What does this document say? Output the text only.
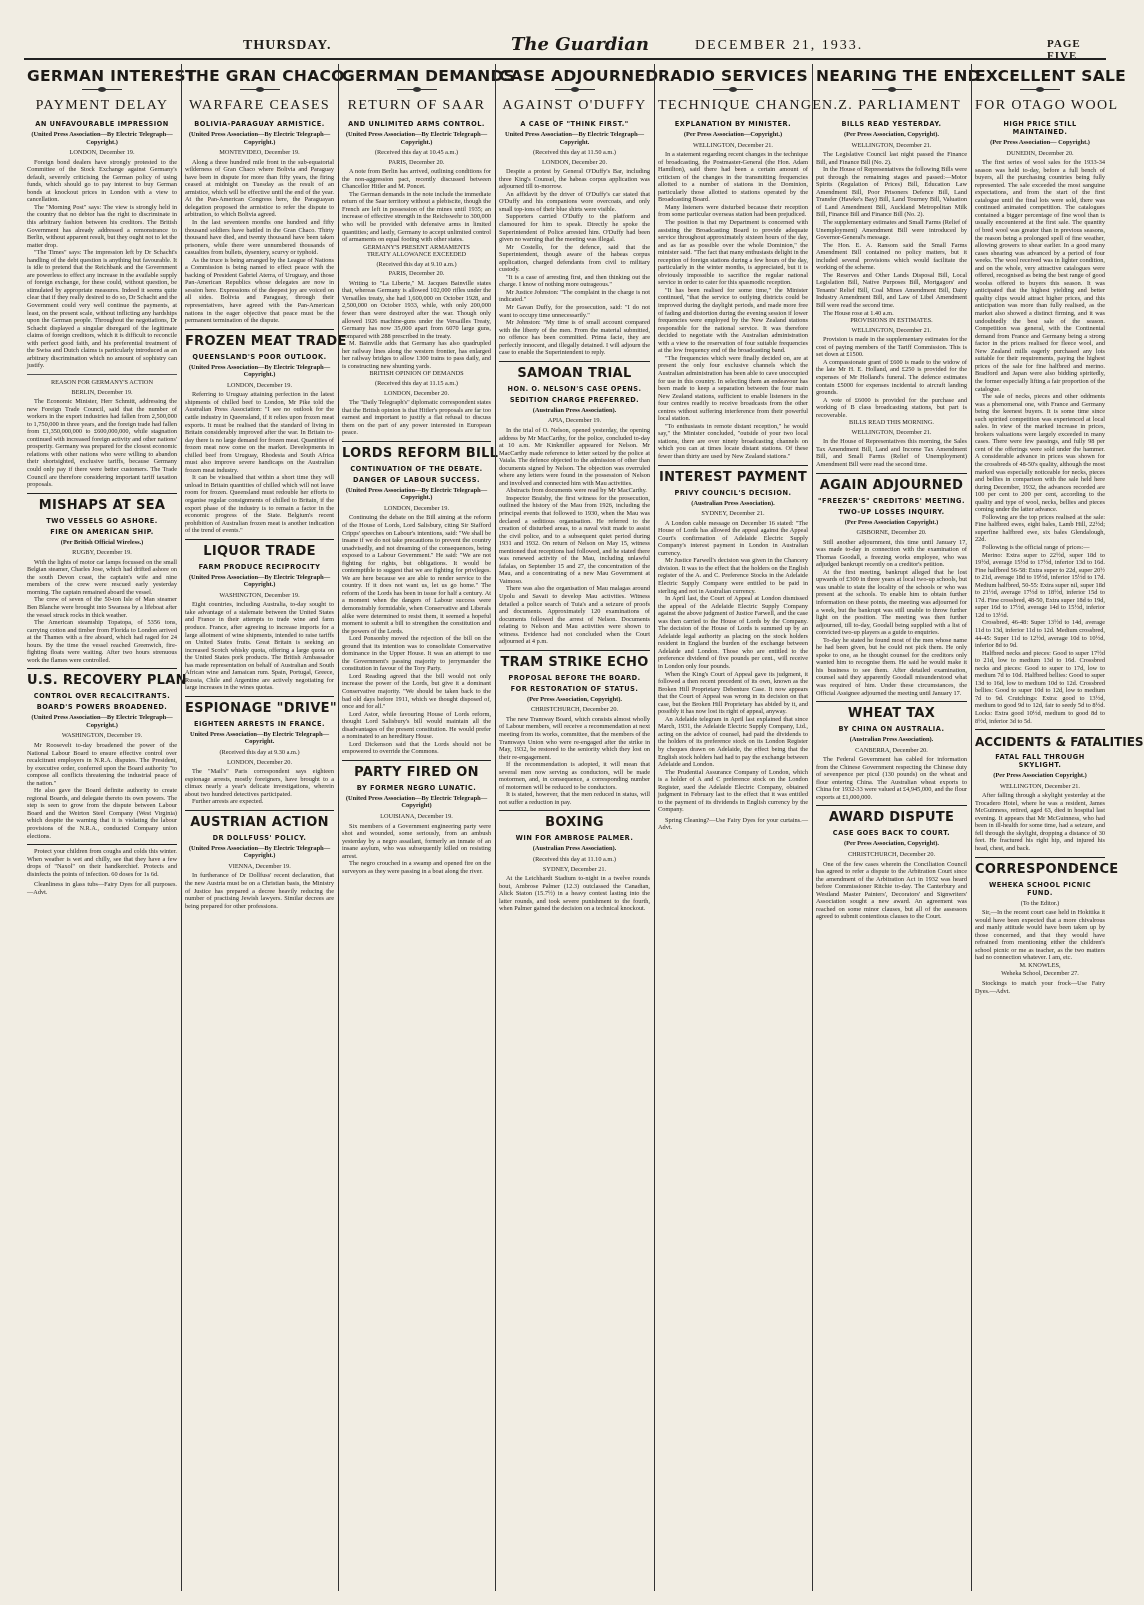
THURSDAY.	The Guardian	DECEMBER 21, 1933.	PAGE FIVE
GERMAN INTEREST
PAYMENT DELAY
AN UNFAVOURABLE IMPRESSION
(United Press Association—By Electric Telegraph—Copyright.)
LONDON, December 19.

Foreign bond dealers have strongly protested to the Committee of the Stock Exchange against Germany's default, severely criticising the German policy of using funds, which should go to pay interest to buy German bonds at knockout prices in London with a view to cancellation.

The "Morning Post" says: The view is strongly held in the country that no debtor has the right to discriminate in this arbitrary fashion between his creditors. The British Government has already addressed a remonstrance to Berlin, without apparent result, but they ought not to let the matter drop.

"The Times" says: The impression left by Dr Schacht's handling of the debt question is anything but favourable. It is idle to pretend that the Reichbank and the Government are powerless to effect any increase in the available supply of foreign exchange, for these could, without question, be stimulated by appropriate measures. Indeed it seems quite clear that if they really desired to do so, Dr Schacht and the Government could very well continue the payments, at least, on the present scale, without inflicting any hardships upon the German people. Throughout the negotiations, Dr Schacht displayed a singular disregard of the legitimate claims of foreign creditors, which it is difficult to reconcile with perfect good faith, and his preferential treatment of the Swiss and Dutch claims is particularly introduced as an arbitrary discrimination which no amount of sophistry can justify.

REASON FOR GERMANY'S ACTION

BERLIN, December 19.

The Economic Minister, Herr Schmitt, addressing the new Foreign Trade Council, said that the number of workers in the export industries had fallen from 2,500,000 to 1,750,000 in three years, and the foreign trade had fallen from £1,350,000,000 to £600,000,000, while stagnation continued with increased foreign activity and other nations' prosperity. Germany was prepared for the closest economic relations with other nations who were willing to abandon their shortsighted, exclusive tariffs, because Germany could only pay if there were better customers. The Trade Council are therefore considering important tariff taxation proposals.

MISHAPS AT SEA
TWO VESSELS GO ASHORE.
FIRE ON AMERICAN SHIP.
(Per British Official Wireless.)
RUGBY, December 19.

With the lights of motor car lamps focussed on the small Belgian steamer, Charles Jose, which had drifted ashore on the south Devon coast, the captain's wife and nine members of the crew were rescued early yesterday morning. The captain remained aboard the vessel.

The crew of seven of the 50-ton Isle of Man steamer Ben Blanche were brought into Swansea by a lifeboat after the vessel struck rocks in thick weather.

The American steamship Topatopa, of 5356 tons, carrying cotton and timber from Florida to London arrived at the Thames with a fire aboard, which had raged for 24 hours. By the time the vessel reached Greenwich, fire-fighting floats were waiting. After two hours strenuous work the flames were controlled.

U.S. RECOVERY PLAN
CONTROL OVER RECALCITRANTS.
BOARD'S POWERS BROADENED.
(United Press Association—By Electric Telegraph—Copyright.)
WASHINGTON, December 19.

Mr Roosevelt to-day broadened the power of the National Labour Board to ensure effective control over recalcitrant employers in N.R.A. disputes. The President, by executive order, conferred upon the Board authority "to compose all conflicts threatening the industrial peace of the nation."

He also gave the Board definite authority to create regional Boards, and delegate thereto its own powers. The step is seen to grow from the dispute between Labour Board and the Weirton Steel Company (West Virginia) which despite the warning that it is violating the labour provisions of the N.R.A., conducted Company union elections.

Protect your children from coughs and colds this winter. When weather is wet and chilly, see that they have a few drops of "Naxol" on their handkerchief. Protects and disinfects the points of infection. 60 doses for 1s 6d.

Cleanliness in glass tubs—Fairy Dyes for all purposes.—Advt.

THE GRAN CHACO
WARFARE CEASES
BOLIVIA-PARAGUAY ARMISTICE.
(United Press Association—By Electric Telegraph—Copyright.)
MONTEVIDEO, December 19.

Along a three hundred mile front in the sub-equatorial wilderness of Gran Chaco where Bolivia and Paraguay have been in dispute for more than fifty years, the firing ceased at midnight on Tuesday as the result of an armistice, which will be effective until the end of the year. At the Pan-American Congress here, the Paraguayan delegation proposed the armistice to refer the dispute to arbitration, to which Bolivia agreed.

In the last seventeen months one hundred and fifty thousand soldiers have battled in the Gran Chaco. Thirty thousand have died, and twenty thousand have been taken prisoners, while there were unnumbered thousands of casualties from bullets, dysentery, scurvy or typhoid.

As the truce is being arranged by the League of Nations a Commission is being named to effect peace with the backing of President Gabriel Aterra, of Uruguay, and those Pan-American Republics whose delegates are now in session here. Expressions of the deepest joy are voiced on all sides. Bolivia and Paraguay, through their representatives, have agreed with the Pan-American nations in the eager objective that peace must be the permanent termination of the dispute.

FROZEN MEAT TRADE
QUEENSLAND'S POOR OUTLOOK.
(United Press Association—By Electric Telegraph—Copyright.)
LONDON, December 19.

Referring to Uruguay attaining perfection in the latest shipments of chilled beef to London, Mr Pike told the Australian Press Association: "I see no outlook for the cattle industry in Queensland, if it relies upon frozen meat exports. It must be realised that the standard of living in Britain considerably improved after the war. In Britain to-day there is no large demand for frozen meat. Quantities of frozen meat now come on the market. Developments in chilled beef from Uruguay, Rhodesia and South Africa must also improve severe handicaps on the Australian frozen meat industry.

It can be visualised that within a short time they will unload in Britain quantities of chilled which will not leave room for frozen. Queensland must redouble her efforts to organise regular consignments of chilled to Britain, if the export phase of the industry is to remain a factor in the economic progress of the State. Belgium's recent prohibition of Australian frozen meat is another indication of the trend of events."

LIQUOR TRADE
FARM PRODUCE RECIPROCITY
(United Press Association—By Electric Telegraph—Copyright.)
WASHINGTON, December 19.

Eight countries, including Australia, to-day sought to take advantage of a stalemate between the United States and France in their attempts to trade wine and farm produce. France, after agreeing to increase imports for a large allotment of wine shipments, intended to raise tariffs on United States fruits. Great Britain is seeking an increased Scotch whisky quota, offering a large quota on the United States pork products. The British Ambassador has made representation on behalf of Australian and South African wine and Jamaican rum. Spain, Portugal, Greece, Russia, Chile and Argentine are actively negotiating for large increases in the wines quotas.

ESPIONAGE "DRIVE"
EIGHTEEN ARRESTS IN FRANCE.
United Press Association—By Electric Telegraph—Copyright.
(Received this day at 9.30 a.m.)
LONDON, December 20.

The "Mail's" Paris correspondent says eighteen espionage arrests, mostly foreigners, have brought to a climax nearly a year's delicate investigations, wherein about two hundred detectives participated.

Further arrests are expected.

AUSTRIAN ACTION
DR DOLLFUSS' POLICY.
(United Press Association—By Electric Telegraph—Copyright.)
VIENNA, December 19.

In furtherance of Dr Dollfuss' recent declaration, that the new Austria must be on a Christian basis, the Ministry of Justice has prepared a decree heavily reducing the number of practising Jewish lawyers. Similar decrees are being prepared for other professions.

GERMAN DEMANDS
RETURN OF SAAR
AND UNLIMITED ARMS CONTROL.
(United Press Association—By Electric Telegraph—Copyright.)
(Received this day at 10.45 a.m.)
PARIS, December 20.

A note from Berlin has arrived, outlining conditions for the non-aggression pact, recently discussed between Chancellor Hitler and M. Poncet.

The German demands in the note include the immediate return of the Saar territory without a plebiscite, though the French are left in possession of the mines until 1935; an increase of effective strength in the Reichswehr to 300,000 who will be provided with defensive arms in limited quantities; and lastly, Germany to accept unlimited control of armaments on equal footing with other states.

GERMANY'S PRESENT ARMAMENTS

TREATY ALLOWANCE EXCEEDED

(Received this day at 9.10 a.m.)
PARIS, December 20.

Writing to "La Liberte," M. Jacques Bainville states that, whereas Germany is allowed 102,000 rifles under the Versailles treaty, she had 1,600,000 on October 1928, and 2,500,000 on October 1933, while, with only 200,000 fewer than were destroyed after the war. Though only allowed 1926 machine-guns under the Versailles Treaty, Germany has now 35,000 apart from 6070 large guns, compared with 288 prescribed in the treaty.

M. Bainville adds that Germany has also quadrupled her railway lines along the western frontier, has enlarged her railway bridges to allow 1300 trains to pass daily, and is constructing new shunting yards.

BRITISH OPINION OF DEMANDS

(Received this day at 11.15 a.m.)
LONDON, December 20.

The "Daily Telegraph's" diplomatic correspondent states that the British opinion is that Hitler's proposals are far too earnest and important to justify a flat refusal to discuss them on the part of any power interested in European peace.

LORDS REFORM BILL
CONTINUATION OF THE DEBATE.
DANGER OF LABOUR SUCCESS.
(United Press Association—By Electric Telegraph—Copyright.)
LONDON, December 19.

Continuing the debate on the Bill aiming at the reform of the House of Lords, Lord Salisbury, citing Sir Stafford Cripps' speeches on Labour's intentions, said: "We shall be insane if we do not take precautions to prevent the country unadvisedly, and not dreaming of the consequences, being exposed to a Labour Government." He said: "We are not fighting for rights, but obligations. It would be contemptible to suggest that we are fighting for privileges. We are here because we are able to render service to the country. If it does not want us, let us go home." The reform of the Lords has been in issue for half a century. At a moment when the dangers of Labour success were demonstrably formidable, when Conservative and Liberals alike were determined to resist them, it seemed a hopeful moment to submit a bill to strengthen the constitution and the powers of the Lords.

Lord Ponsonby moved the rejection of the bill on the ground that its intention was to consolidate Conservative dominance in the Upper House. It was an attempt to use the Government's passing majority to jerrymander the constitution in favour of the Tory Party.

Lord Reading agreed that the bill would not only increase the power of the Lords, but give it a dominant Conservative majority. "We should be taken back to the bad old days before 1911, which we thought disposed of, once and for all."

Lord Astor, while favouring House of Lords reform, thought Lord Salisbury's bill would maintain all the disadvantages of the present constitution. He would prefer a nominated to an hereditary House.

Lord Dickenson said that the Lords should not be empowered to override the Commons.

PARTY FIRED ON
BY FORMER NEGRO LUNATIC.
(United Press Association—By Electric Telegraph—Copyright)
LOUISIANA, December 19.

Six members of a Government engineering party were shot and wounded, some seriously, from an ambush yesterday by a negro assailant, formerly an inmate of an insane asylum, who was subsequently killed on resisting arrest.

The negro crouched in a swamp and opened fire on the surveyors as they were passing in a boat along the river.

CASE ADJOURNED
AGAINST O'DUFFY
A CASE OF "THINK FIRST."
United Press Association—By Electric Telegraph—Copyright.
(Received this day at 11.50 a.m.)
LONDON, December 20.

Despite a protest by General O'Duffy's Bar, including three King's Counsel, the habeas corpus application was adjourned till to-morrow.

An affidavit by the driver of O'Duffy's car stated that O'Duffy and his companions wore overcoats, and only small top-ions of their blue shirts were visible.

Supporters carried O'Duffy to the platform and clamoured for him to speak. Directly he spoke the Superintendent of Police arrested him. O'Duffy had been given no warning that the meeting was illegal.

Mr Costello, for the defence, said that the Superintendent, though aware of the habeas corpus application, charged defendants from civil to military custody.

"It is a case of arresting first, and then thinking out the charge. I know of nothing more outrageous."

Mr Justice Johnston: "The complaint in the charge is not indicated."

Mr Gavan Duffy, for the prosecution, said: "I do not want to occupy time unnecessarily."

Mr Johnston: "My time is of small account compared with the liberty of the men. From the material submitted, no offence has been committed. Prima facie, they are perfectly innocent, and illegally detained. I will adjourn the case to enable the Superintendent to reply.

SAMOAN TRIAL
HON. O. NELSON'S CASE OPENS.
SEDITION CHARGE PREFERRED.
(Australian Press Association).
APIA, December 19.

In the trial of O. Nelson, opened yesterday, the opening address by Mr MacCarthy, for the police, concluded to-day at 10 a.m. Mr Kinkmiller appeared for Nelson. Mr MacCarthy made reference to letter seized by the police at Vaiala. The defence objected to the admission of other than documents signed by Nelson. The objection was overruled where any letters were found in the possession of Nelson and involved and connected him with Mau activities.

Abstracts from documents were read by Mr MacCarthy.

Inspector Braisby, the first witness for the prosecution, outlined the history of the Mau from 1926, including the principal events that followed to 1930, when the Mau was declared a seditious organisation. He referred to the creation of disturbed areas, to a naval visit made to assist the civil police, and to a subsequent quiet period during 1931 and 1932. On return of Nelson on May 15, witness mentioned that receptions had followed, and he stated there was renewed activity of the Mau, including unlawful fafalas, on September 15 and 27, the concentration of the Mau, and a concentrating of a new Mau Government at Vaimoso.

There was also the organisation of Mau malagas around Upolu and Savaii to develop Mau activities. Witness detailed a police search of Tuia's and a seizure of proofs and documents. Approximately 120 examinations of documents followed the arrest of Nelson. Documents relating to Nelson and Mau activities were shown to witness. Evidence had not concluded when the Court adjourned at 4 p.m.

TRAM STRIKE ECHO
PROPOSAL BEFORE THE BOARD.
FOR RESTORATION OF STATUS.
(Per Press Association, Copyright).
CHRISTCHURCH, December 20.

The new Tramway Board, which consists almost wholly of Labour members, will receive a recommendation at next meeting from its works, committee, that the members of the Tramways Union who were re-engaged after the strike in May, 1932, be restored to the seniority which they lost on their re-engagement.

If the recommendation is adopted, it will mean that several men now serving as conductors, will be made motormen, and, in consequence, a corresponding number of motormen will be reduced to be conductors.

It is stated, however, that the men reduced in status, will not suffer a reduction in pay.

BOXING
WIN FOR AMBROSE PALMER.
(Australian Press Association).
(Received this day at 11.10 a.m.)
SYDNEY, December 21.

At the Leichhardt Stadium to-night in a twelve rounds bout, Ambrose Palmer (12.3) outclassed the Canadian, Alick Staton (15.7½) in a heavy contest lasting into the latter rounds, and took severe punishment to the fourth, when Palmer gained the decision on a technical knockout.

RADIO SERVICES
TECHNIQUE CHANGE
EXPLANATION BY MINISTER.
(Per Press Association—Copyright.)
WELLINGTON, December 21.

In a statement regarding recent changes in the technique of broadcasting, the Postmaster-General (the Hon. Adam Hamilton), said there had been a certain amount of criticism of the changes in the transmitting frequencies allotted to a number of stations in the Dominion, particularly those allotted to stations operated by the Broadcasting Board.

Many listeners were disturbed because their reception from some particular overseas station had been prejudiced.

The position is that my Department is concerned with assisting the Broadcasting Board to provide adequate service throughout approximately sixteen hours of the day, and as far as possible over the whole Dominion," the minister said. "The fact that many enthusiasts delight in the reception of foreign stations during a few hours of the day, particularly in the winter months, is appreciated, but it is obviously impossible to sacrifice the regular national service in order to cater for this spasmodic reception.

"It has been realised for some time," the Minister continued, "that the service to outlying districts could be improved during the daylight periods, and made more free of fading and distortion during the evening session if lower frequencies were employed by the New Zealand stations responsible for the national service. It was therefore decided to negotiate with the Australian administration with a view to the reservation of four suitable frequencies at the low frequency end of the broadcasting band.

"The frequencies which were finally decided on, are at present the only four exclusive channels which the Australian administration has been able to cave unoccupied for use in this country. In selecting them an endeavour has been made to keep a separation between the four main New Zealand stations, sufficient to enable listeners in the four centres readily to receive broadcasts from the other centres without suffering interference from their powerful local station.

"To enthusiasts in remote distant reception," he would say," the Minister concluded, "outside of your two local stations, there are over ninety broadcasting channels on which you can at times locate distant stations. Of these fewer than thirty are used by New Zealand stations."

INTEREST PAYMENT
PRIVY COUNCIL'S DECISION.
(Australian Press Association).
SYDNEY, December 21.

A London cable message on December 16 stated: "The House of Lords has allowed the appeal against the Appeal Court's confirmation of Adelaide Electric Supply Company's interest payment in London in Australian currency.

Mr Justice Farwell's decision was given in the Chancery division. It was to the effect that the holders on the English register of the A. and C. Preference Stocks in the Adelaide Electric Supply Company were entitled to be paid in sterling and not in Australian currency.

In April last, the Court of Appeal at London dismissed the appeal of the Adelaide Electric Supply Company against the above judgment of Justice Farwell, and the case was then carried to the House of Lords by the Company. The decision of the House of Lords is summed up by an Adelaide legal authority as placing on the stock holders resident in England the burden of the exchange between Adelaide and London. Those who are entitled to the preference dividend of five pounds per cent., will receive in London only four pounds.

When the King's Court of Appeal gave its judgment, it followed a then recent precedent of its own, known as the Broken Hill Proprietary Debenture Case. It now appears that the Court of Appeal was wrong in its decision on that case, but the Broken Hill Proprietary has abided by it, and possibly it has now lost its right of appeal, anyway.

An Adelaide telegram in April last explained that since March, 1931, the Adelaide Electric Supply Company, Ltd., acting on the advice of counsel, had paid the dividends to the holders of its preference stock on its London Register by cheques drawn on Adelaide, the effect being that the English stock holders had had to pay the exchange between Adelaide and London.

The Prudential Assurance Company of London, which is a holder of A and C preference stock on the London Register, sued the Adelaide Electric Company, obtained judgment in February last to the effect that it was entitled to the payment of its dividends in English currency by the Company.

Spring Cleaning?—Use Fairy Dyes for your curtains.—Advt.

NEARING THE END
N.Z. PARLIAMENT
BILLS READ YESTERDAY.
(Per Press Association, Copyright).
WELLINGTON, December 21.

The Legislative Council last night passed the Finance Bill, and Finance Bill (No. 2).

In the House of Representatives the following Bills were put through the remaining stages and passed:—Motor Spirits (Regulation of Prices) Bill, Education Law Amendment Bill, Poor Prisoners Defence Bill, Land Transfer (Hawke's Bay) Bill, Land Tourney Bill, Valuation of Land Amendment Bill, Auckland Metropolitan Milk Bill, Finance Bill and Finance Bill (No. 2).

The supplementary estimates and Small Farms (Relief of Unemployment) Amendment Bill were introduced by Governor-General's message.

The Hon. E. A. Ransom said the Small Farms Amendment Bill contained no policy matters, but it included several provisions which would facilitate the working of the scheme.

The Reserves and Other Lands Disposal Bill, Local Legislation Bill, Native Purposes Bill, Mortgagors' and Tenants' Relief Bill, Coal Mines Amendment Bill, Dairy Industry Amendment Bill, and Law of Libel Amendment Bill were read the second time.

The House rose at 1.40 a.m.

PROVISIONS IN ESTIMATES.

WELLINGTON, December 21.

Provision is made in the supplementary estimates for the cost of paying members of the Tariff Commission. This is set down at £1500.

A compassionate grant of £600 is made to the widow of the late Mr H. E. Holland, and £250 is provided for the expenses of Mr Holland's funeral. The defence estimates contain £5000 for expenses incidental to aircraft landing grounds.

A vote of £6000 is provided for the purchase and working of B class broadcasting stations, but part is recoverable.

BILLS READ THIS MORNING.

WELLINGTON, December 21.

In the House of Representatives this morning, the Sales Tax Amendment Bill, Land and Income Tax Amendment Bill, and Small Farms (Relief of Unemployment) Amendment Bill were read the second time.

AGAIN ADJOURNED
"FREEZER'S" CREDITORS' MEETING.
TWO-UP LOSSES INQUIRY.
(Per Press Association Copyright.)
GISBORNE, December 20.

Still another adjournment, this time until January 17, was made to-day in connection with the examination of Thomas Goodall, a freezing works employee, who was adjudged bankrupt recently on a creditor's petition.

At the first meeting, bankrupt alleged that he lost upwards of £300 in three years at local two-up schools, but was unable to state the locality of the schools or who was present at the schools. To enable him to obtain further information on these points, the meeting was adjourned for a week, but the bankrupt was still unable to throw further light on the position. The meeting was then further adjourned, till to-day, Goodall being supplied with a list of convicted two-up players as a guide to enquiries.

To-day he stated he found most of the men whose name he had been given, but he could not pick them. He only spoke to one, as he thought counsel for the creditors only wanted him to recognise them. He said he would make it his business to see them. After detailed examination, counsel said they apparently Goodall misunderstood what was required of him. Under these circumstances, the Official Assignee adjourned the meeting until January 17.

WHEAT TAX
BY CHINA ON AUSTRALIA.
(Australian Press Association).
CANBERRA, December 20.

The Federal Government has cabled for information from the Chinese Government respecting the Chinese duty of sevenpence per picul (130 pounds) on the wheat and flour entering China. The Australian wheat exports to China for 1932-33 were valued at £4,945,000, and the flour exports at £1,000,000.

AWARD DISPUTE
CASE GOES BACK TO COURT.
(Per Press Association, Copyright).
CHRISTCHURCH, December 20.

One of the few cases wherein the Conciliation Council has agreed to refer a dispute to the Arbitration Court since the amendment of the Arbitration Act in 1932 was heard before Commissioner Ritchie to-day. The Canterbury and Westland Master Painters', Decorators' and Signwriters' Association sought a new award. An agreement was reached on some minor clauses, but all of the assessors agreed to submit contentious clauses to the Court.

EXCELLENT SALE
FOR OTAGO WOOL
HIGH PRICE STILL MAINTAINED.
(Per Press Association— Copyright.)
DUNEDIN, December 20.

The first series of wool sales for the 1933-34 season was held to-day, before a full bench of buyers, all the purchasing countries being fully represented. The sale exceeded the most sanguine expectations, and from the start of the first catalogue until the final lots were sold, there was continued animated competition. The catalogues contained a bigger percentage of fine wool than is usually encountered at the first sale. The quantity of bred wool was greater than in previous seasons, the reason being a prolonged spell of fine weather, allowing growers to shear earlier. In a good many cases shearing was advanced by a period of four weeks. The wool received was in lighter condition, and on the whole, very attractive catalogues were offered, recognised as being the best range of good woolss offered to buyers this season. It was anticipated that the highest yielding and better quality clips would attract higher prices, and this anticipation was more than fully realised, as the market also showed a distinct firming, and it was undoubtedly the best sale of the season. Competition was general, with the Continental demand from France and Germany being a strong factor in the prices realised for fleece wool, and New Zealand mills eagerly purchased any lots suitable for their requirements, paying the highest prices of the sale for fine halfbred and merino. Bradford and Japan were also bidding spiritedly, the former especially lifting a fair proportion of the catalogue.

The sale of necks, pieces and other oddments was a phenomenal one, with France and Germany being the keenest buyers. It is some time since such spirited competition was experienced at local sales. In view of the marked increase in prices, brokers valuations were largely exceeded in many cases. There were few passings, and fully 98 per cent of the offerings were sold under the hammer. A considerable advance in prices was shown for the crossbreds of 48-50's quality, although the most marked was especially noticeable for necks, pieces and bellies in comparison with the sale held here during December, 1932, the advances recorded are 100 per cent to 200 per cent, according to the quality and type of wool, necks, bellies and pieces coming under the latter advance.

Following are the top prices realised at the sale: Fine halfbred ewes, eight bales, Lamb Hill, 22½d; superfine halfbred ewe, six bales Glendalough, 22d.

Following is the official range of prices:—

Merino: Extra super to 22½d, super 18d to 19½d, average 15½d to 17½d, inferior 13d to 16d. Fine halfbred 56-58: Extra super to 22d, super 20½ to 21d, average 18d to 19½d, inferior 15½d to 17d. Medium halfbred, 50-55: Extra super nil, super 18d to 21½d, average 17½d to 18½d, inferior 15d to 17d. Fine crossbred, 48-50, Extra super 18d to 19d, super 16d to 17½d, average 14d to 15½d, inferior 12d to 13½d.

Crossbred, 46-48: Super 13½d to 14d, average 11d to 13d, inferior 11d to 12d. Medium crossbred, 44-45: Super 11d to 12½d, average 10d to 10½d, inferior 8d to 9d.

Halfbred necks and pieces: Good to super 17½d to 21d, low to medium 13d to 16d. Crossbred necks and pieces: Good to super to 17d, low to medium 7d to 10d. Halfbred bellies: Good to super 13d to 16d, low to medium 10d to 12d. Crossbred bellies: Good to super 10d to 12d, low to medium 7d to 9d. Crutchings: Extra: good to 13½d, medium to good 9d to 12d, fair to seedy 5d to 8½d. Locks: Extra good 10½d, medium to good 8d to 8½d, inferior 3d to 5d.

ACCIDENTS & FATALITIES
FATAL FALL THROUGH SKYLIGHT.
(Per Press Association Copyright.)
WELLINGTON, December 21.

After falling through a skylight yesterday at the Trocadero Hotel, where he was a resident, James McGuinness, retired, aged 63, died in hospital last evening. It appears that Mr McGuinness, who had been in ill-health for some time, had a seizure, and fell through the skylight, dropping a distance of 30 feet. He fractured his right hip, and injured his head, chest, and back.

CORRESPONDENCE
WEHEKA SCHOOL PICNIC FUND.
(To the Editor.)

Sir,—In the recent court case held in Hokitika it would have been expected that a more chivalrous and manly attitude would have been taken up by those concerned, and that they would have refrained from mentioning either the children's school picnic or me as teacher, as the two matters had no connection whatever. I am, etc.

M. KNOWLES,

Weheka School, December 27.

Stockings to match your frock—Use Fairy Dyes.—Advt.
